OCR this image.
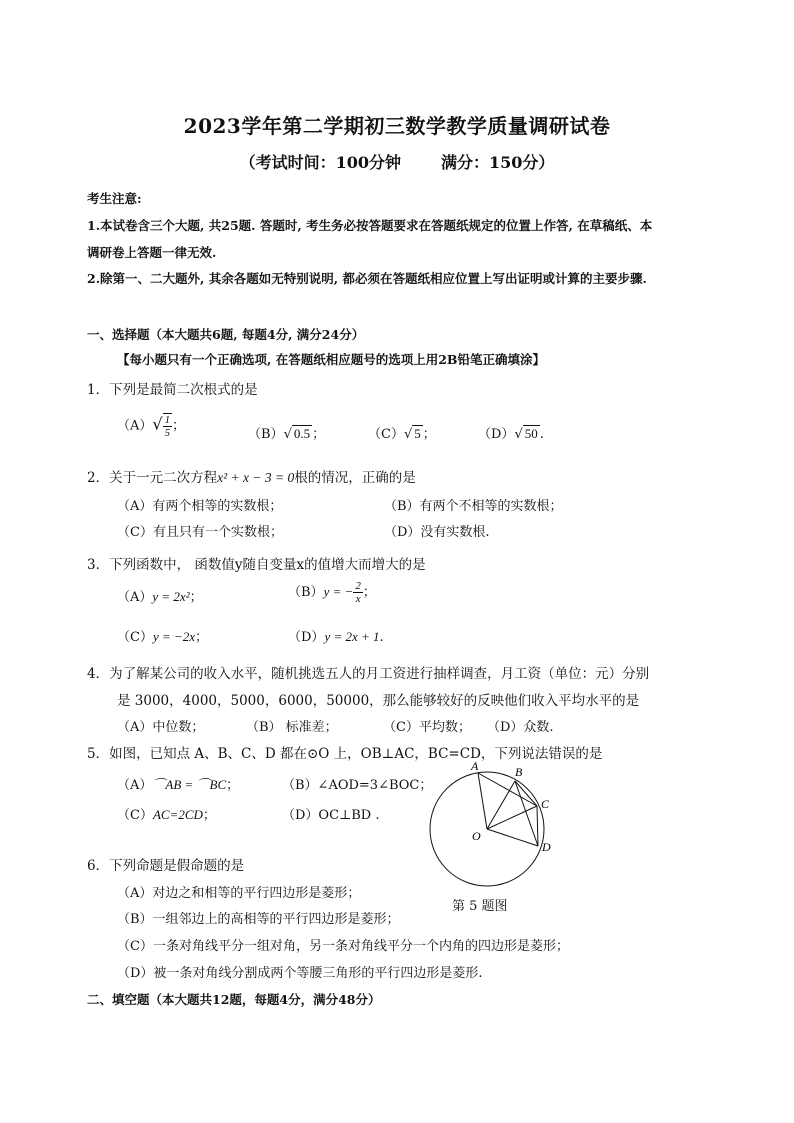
2023学年第二学期初三数学教学质量调研试卷
（考试时间：100分钟	满分：150分）
考生注意:
1.本试卷含三个大题, 共25题. 答题时, 考生务必按答题要求在答题纸规定的位置上作答, 在草稿纸、本
调研卷上答题一律无效.
2.除第一、二大题外, 其余各题如无特别说明, 都必须在答题纸相应位置上写出证明或计算的主要步骤.
一、选择题（本大题共6题, 每题4分, 满分24分）
【每小题只有一个正确选项, 在答题纸相应题号的选项上用2B铅笔正确填涂】
1．下列是最简二次根式的是
$(A)√ \frac{1}{5}$ ；
（B）√ 0.5 ；	（C）√ 5 ；	（D）√ 50 .
2．关于一元二次方程x² + x − 3 = 0根的情况，正确的是
（A）有两个相等的实数根；	（B）有两个不相等的实数根；
（C）有且只有一个实数根；	（D）没有实数根.
3．下列函数中， 函数值y随自变量x的值增大而增大的是
（A）y = 2x²；	（B）y = − $\frac{2}{x}$ ；
（C）y = −2x；	（D）y = 2x + 1.
4．为了解某公司的收入水平，随机挑选五人的月工资进行抽样调查，月工资（单位：元）分别
是 3000，4000，5000，6000，50000，那么能够较好的反映他们收入平均水平的是
（A）中位数；	（B） 标准差；	（C）平均数； （D）众数.
5．如图，已知点 A、B、C、D 都在⊙O 上，OB⊥AC，BC=CD，下列说法错误的是
（A）⌒AB = ⌒BC；	（B）∠AOD=3∠BOC；
（C）AC=2CD；	（D）OC⊥BD .
A	B
C
D
O
第 5 题图
6．下列命题是假命题的是
（A）对边之和相等的平行四边形是菱形；
（B）一组邻边上的高相等的平行四边形是菱形；
（C）一条对角线平分一组对角，另一条对角线平分一个内角的四边形是菱形；
（D）被一条对角线分割成两个等腰三角形的平行四边形是菱形.
二、填空题（本大题共12题，每题4分，满分48分）
